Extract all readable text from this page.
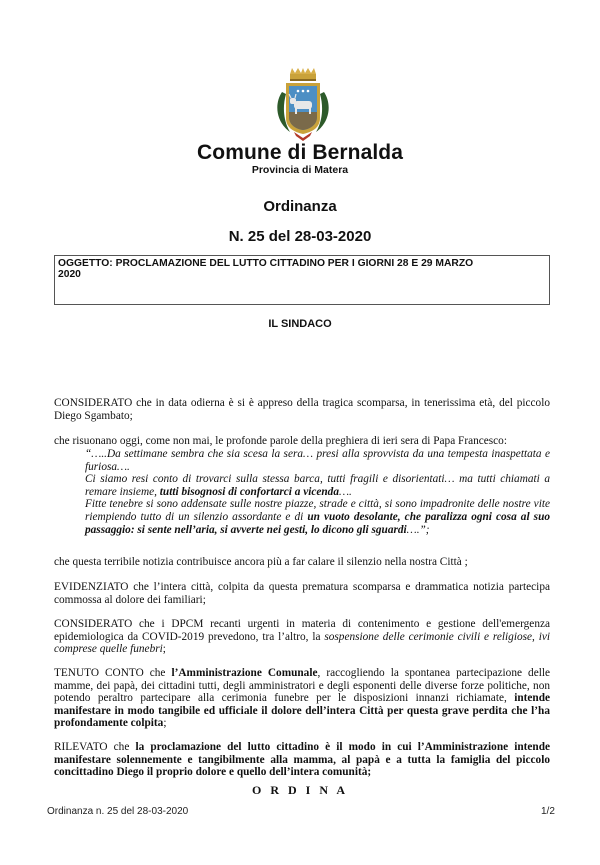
Comune di Bernalda
Provincia di Matera
Ordinanza
N. 25 del 28-03-2020
OGGETTO: PROCLAMAZIONE DEL LUTTO CITTADINO PER I GIORNI 28 E 29 MARZO
2020
IL SINDACO
CONSIDERATO che in data odierna è si è appreso della tragica scomparsa, in tenerissima età, del piccolo Diego Sgambato;
che risuonano oggi, come non mai, le profonde parole della preghiera di ieri sera di Papa Francesco:
“…..Da settimane sembra che sia scesa la sera… presi alla sprovvista da una tempesta inaspettata e furiosa….
Ci siamo resi conto di trovarci sulla stessa barca, tutti fragili e disorientati… ma tutti chiamati a remare insieme, tutti bisognosi di confortarci a vicenda….
Fitte tenebre si sono addensate sulle nostre piazze, strade e città, si sono impadronite delle nostre vite riempiendo tutto di un silenzio assordante e di un vuoto desolante, che paralizza ogni cosa al suo passaggio: si sente nell’aria, si avverte nei gesti, lo dicono gli sguardi….”;
che questa terribile notizia contribuisce ancora più a far calare il silenzio nella nostra Città ;
EVIDENZIATO che l’intera città, colpita da questa prematura scomparsa e drammatica notizia partecipa commossa al dolore dei familiari;
CONSIDERATO che i DPCM recanti urgenti in materia di contenimento e gestione dell'emergenza epidemiologica da COVID-2019 prevedono, tra l’altro, la sospensione delle cerimonie civili e religiose, ivi comprese quelle funebri;
TENUTO CONTO che l’Amministrazione Comunale, raccogliendo la spontanea partecipazione delle mamme, dei papà, dei cittadini tutti, degli amministratori e degli esponenti delle diverse forze politiche, non potendo peraltro partecipare alla cerimonia funebre per le disposizioni innanzi richiamate, intende manifestare in modo tangibile ed ufficiale il dolore dell’intera Città per questa grave perdita che l’ha profondamente colpita;
RILEVATO che la proclamazione del lutto cittadino è il modo in cui l’Amministrazione intende manifestare solennemente e tangibilmente alla mamma, al papà e a tutta la famiglia del piccolo concittadino Diego il proprio dolore e quello dell’intera comunità;
O R D I N A
Ordinanza n. 25 del 28-03-2020	1/2
